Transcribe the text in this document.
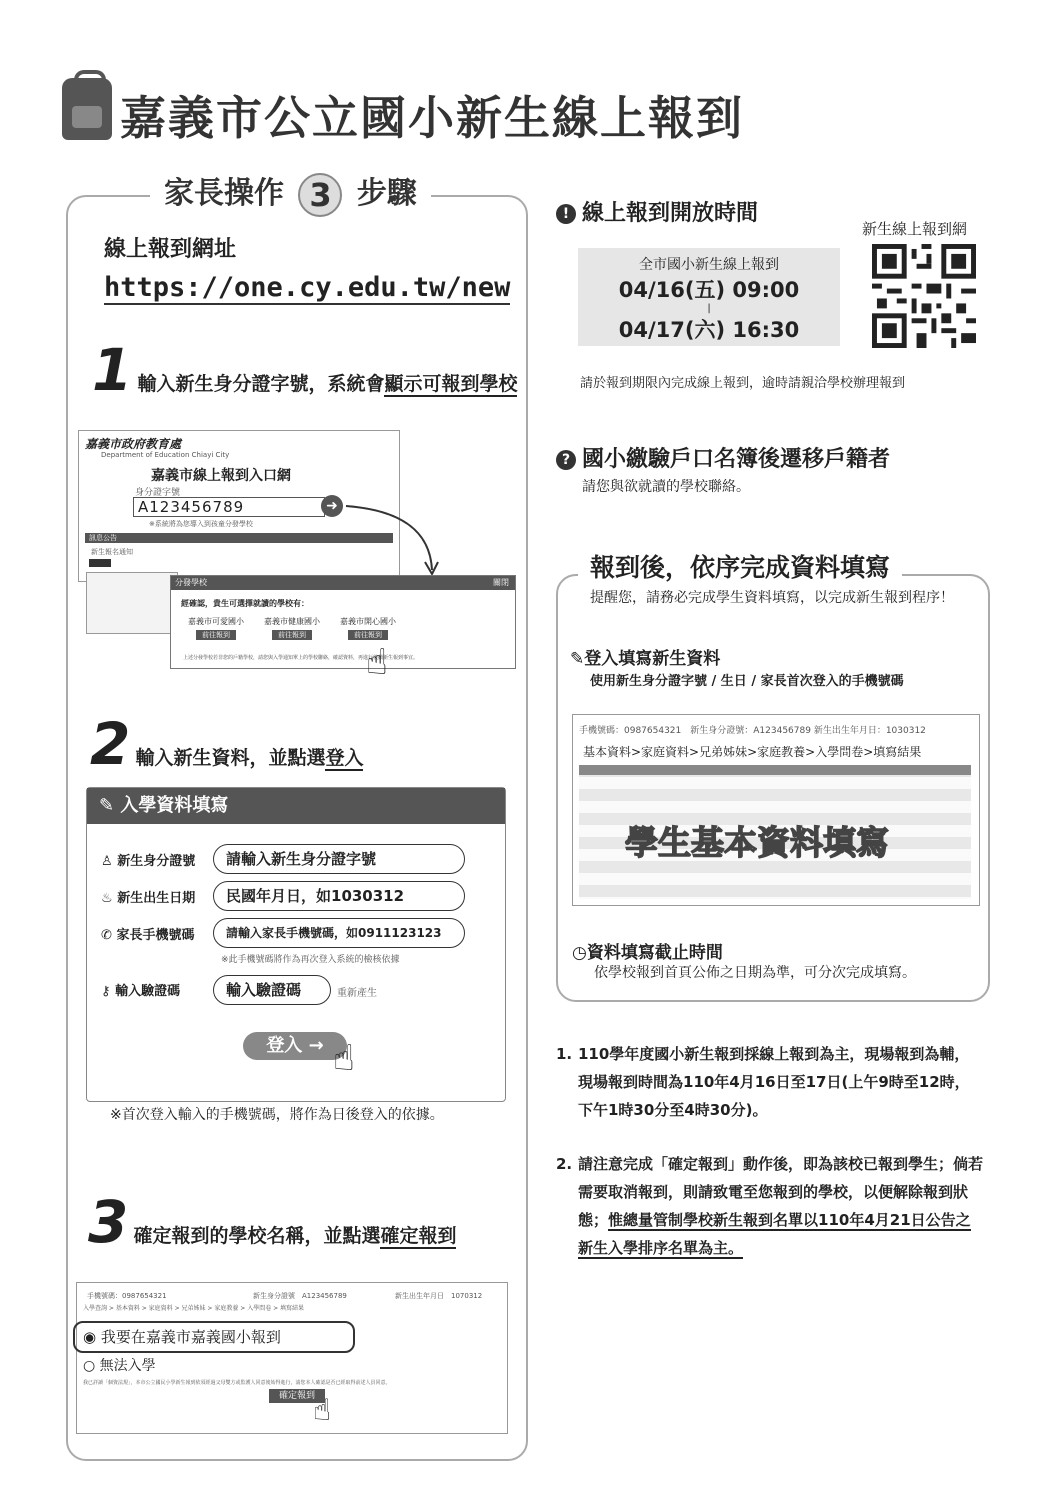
嘉義市公立國小新生線上報到
家長操作 3 步驟
線上報到網址
https://one.cy.edu.tw/new
1 輸入新生身分證字號，系統會顯示可報到學校
嘉義市政府教育處
Department of Education Chiayi City
嘉義市線上報到入口網
身分證字號
A123456789	➜
※系統將為您導入到孩童分發學校
訊息公告
新生報名通知
分發學校	關閉
經確認，貴生可選擇就讀的學校有：
嘉義市可愛國小
前往報到
嘉義市健康國小
前往報到
嘉義市開心國小
前往報到
上述分發學校若非您的戶籍學校，請您與入學通知單上的學校聯絡，確認資料，再進行後續新生報到事宜。
☝
2 輸入新生資料，並點選登入
✎ 入學資料填寫
♙ 新生身分證號	請輸入新生身分證字號
♨ 新生出生日期	民國年月日，如1030312
✆ 家長手機號碼	請輸入家長手機號碼，如0911123123
※此手機號碼將作為再次登入系統的檢核依據
⚷ 輸入驗證碼	輸入驗證碼	重新產生
登入 → ☝
※首次登入輸入的手機號碼，將作為日後登入的依據。
3 確定報到的學校名稱，並點選確定報到
手機號碼：0987654321	新生身分證號　A123456789	新生出生年月日　1070312
入學查詢 > 基本資料 > 家庭資料 > 兄弟姊妹 > 家庭教養 > 入學問卷 > 填寫結果
◉ 我要在嘉義市嘉義國小報到
○ 無法入學
我已詳讀「個資法規」，本市公立國民小學新生報到依須經過父母雙方或監護人同意後始得進行，請您本人確認是否已經取得前述人員同意。
確定報到
☝
! 線上報到開放時間
新生線上報到網
全市國小新生線上報到
04/16(五) 09:00
|
04/17(六) 16:30
請於報到期限內完成線上報到，逾時請親洽學校辦理報到
? 國小繳驗戶口名簿後遷移戶籍者
請您與欲就讀的學校聯絡。
報到後，依序完成資料填寫
提醒您，請務必完成學生資料填寫，以完成新生報到程序！
✎登入填寫新生資料
使用新生身分證字號 / 生日 / 家長首次登入的手機號碼
手機號碼：0987654321　新生身分證號：A123456789 新生出生年月日：1030312
基本資料>家庭資料>兄弟姊妹>家庭教養>入學問卷>填寫結果
學生基本資料填寫
◷資料填寫截止時間
依學校報到首頁公佈之日期為準，可分次完成填寫。
1. 110學年度國小新生報到採線上報到為主，現場報到為輔，現場報到時間為110年4月16日至17日(上午9時至12時，下午1時30分至4時30分)。
2. 請注意完成「確定報到」動作後，即為該校已報到學生；倘若需要取消報到，則請致電至您報到的學校，以便解除報到狀態；惟總量管制學校新生報到名單以110年4月21日公告之新生入學排序名單為主。
